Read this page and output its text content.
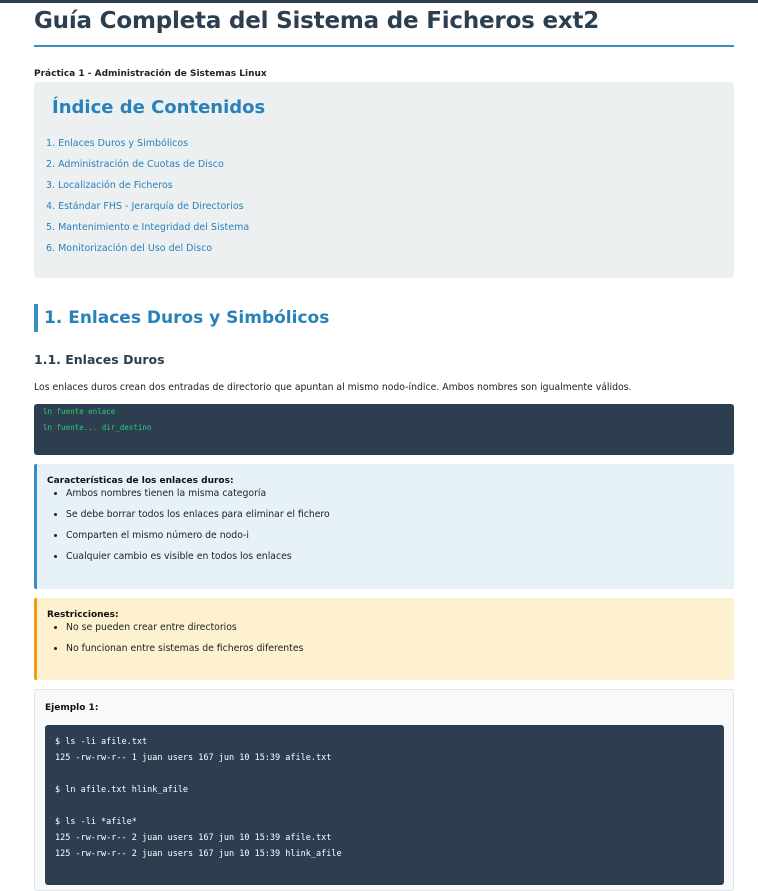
Guía Completa del Sistema de Ficheros ext2
Práctica 1 - Administración de Sistemas Linux
Índice de Contenidos
1. Enlaces Duros y Simbólicos
2. Administración de Cuotas de Disco
3. Localización de Ficheros
4. Estándar FHS - Jerarquía de Directorios
5. Mantenimiento e Integridad del Sistema
6. Monitorización del Uso del Disco
1. Enlaces Duros y Simbólicos
1.1. Enlaces Duros
Los enlaces duros crean dos entradas de directorio que apuntan al mismo nodo-índice. Ambos nombres son igualmente válidos.
ln fuente enlace
ln fuente... dir_destino
Características de los enlaces duros:
• Ambos nombres tienen la misma categoría
• Se debe borrar todos los enlaces para eliminar el fichero
• Comparten el mismo número de nodo-i
• Cualquier cambio es visible en todos los enlaces
Restricciones:
• No se pueden crear entre directorios
• No funcionan entre sistemas de ficheros diferentes
Ejemplo 1:
$ ls -li afile.txt
125 -rw-rw-r-- 1 juan users 167 jun 10 15:39 afile.txt
$ ln afile.txt hlink_afile
$ ls -li *afile*
125 -rw-rw-r-- 2 juan users 167 jun 10 15:39 afile.txt
125 -rw-rw-r-- 2 juan users 167 jun 10 15:39 hlink_afile
